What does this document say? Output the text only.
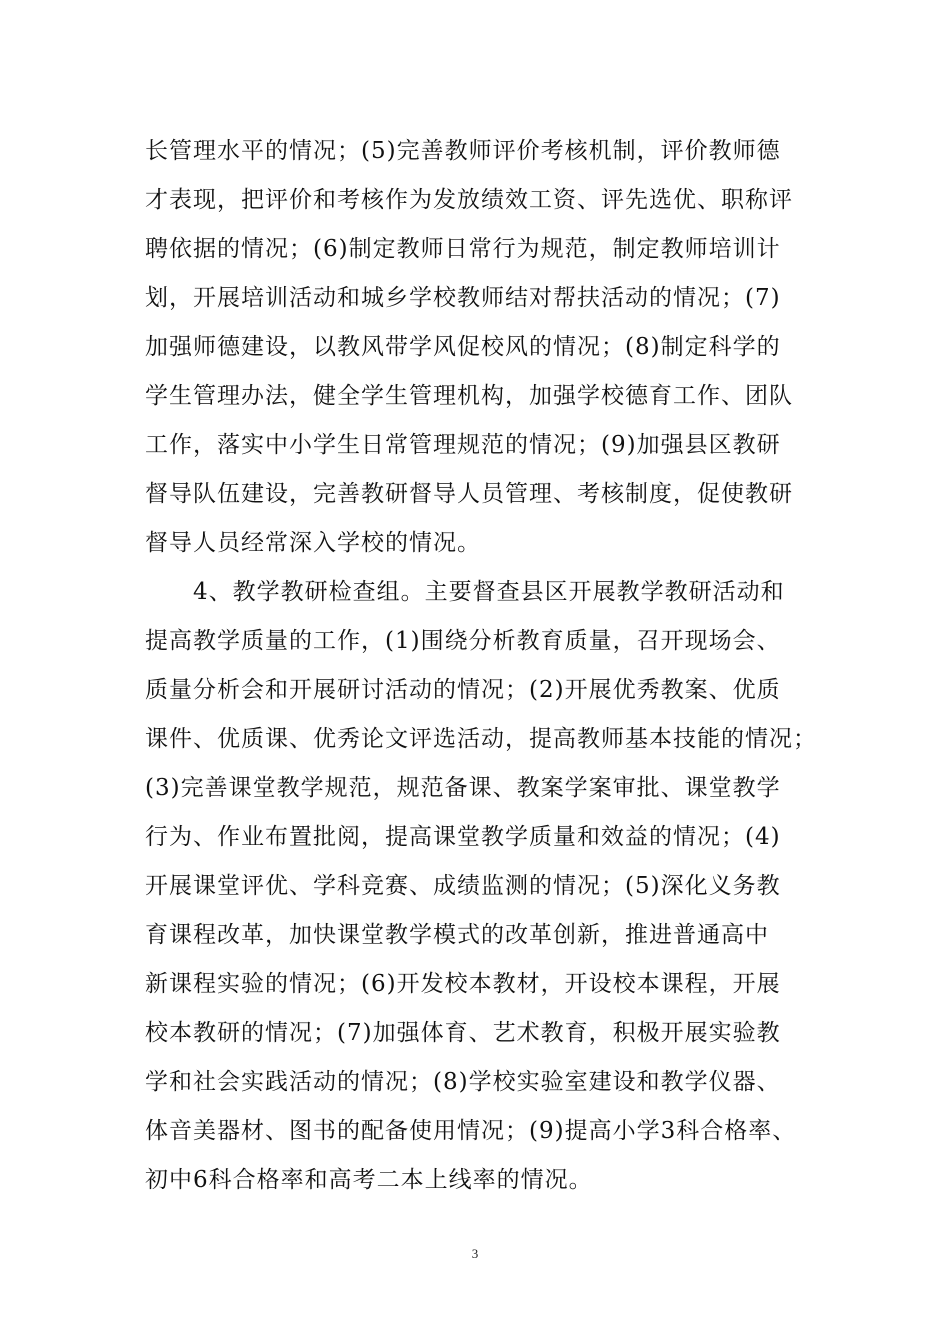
长管理水平的情况；(5)完善教师评价考核机制，评价教师德
才表现，把评价和考核作为发放绩效工资、评先选优、职称评
聘依据的情况；(6)制定教师日常行为规范，制定教师培训计
划，开展培训活动和城乡学校教师结对帮扶活动的情况；(7)
加强师德建设，以教风带学风促校风的情况；(8)制定科学的
学生管理办法，健全学生管理机构，加强学校德育工作、团队
工作，落实中小学生日常管理规范的情况；(9)加强县区教研
督导队伍建设，完善教研督导人员管理、考核制度，促使教研
督导人员经常深入学校的情况。
　　4、教学教研检查组。主要督查县区开展教学教研活动和
提高教学质量的工作，(1)围绕分析教育质量，召开现场会、
质量分析会和开展研讨活动的情况；(2)开展优秀教案、优质
课件、优质课、优秀论文评选活动，提高教师基本技能的情况；
(3)完善课堂教学规范，规范备课、教案学案审批、课堂教学
行为、作业布置批阅，提高课堂教学质量和效益的情况；(4)
开展课堂评优、学科竞赛、成绩监测的情况；(5)深化义务教
育课程改革，加快课堂教学模式的改革创新，推进普通高中
新课程实验的情况；(6)开发校本教材，开设校本课程，开展
校本教研的情况；(7)加强体育、艺术教育，积极开展实验教
学和社会实践活动的情况；(8)学校实验室建设和教学仪器、
体音美器材、图书的配备使用情况；(9)提高小学3科合格率、
初中6科合格率和高考二本上线率的情况。
3
